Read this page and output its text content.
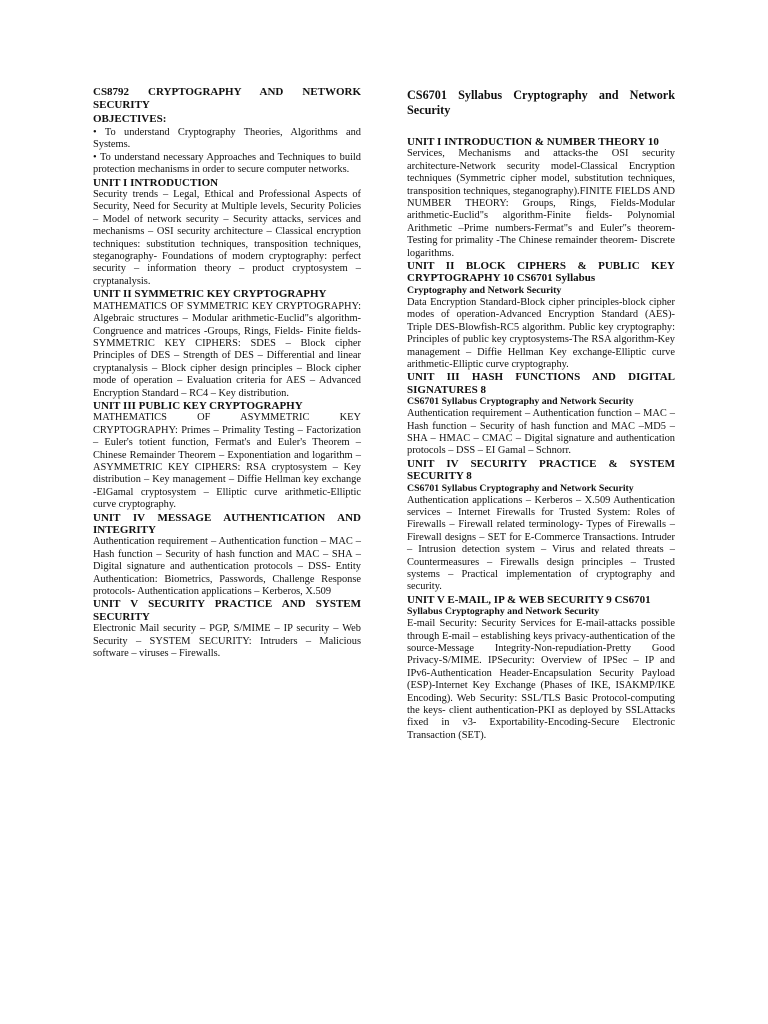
CS8792 CRYPTOGRAPHY AND NETWORK SECURITY
OBJECTIVES:

• To understand Cryptography Theories, Algorithms and Systems.

• To understand necessary Approaches and Techniques to build protection mechanisms in order to secure computer networks.

UNIT I INTRODUCTION

Security trends – Legal, Ethical and Professional Aspects of Security, Need for Security at Multiple levels, Security Policies – Model of network security – Security attacks, services and mechanisms – OSI security architecture – Classical encryption techniques: substitution techniques, transposition techniques, steganography- Foundations of modern cryptography: perfect security – information theory – product cryptosystem – cryptanalysis.

UNIT II SYMMETRIC KEY CRYPTOGRAPHY

MATHEMATICS OF SYMMETRIC KEY CRYPTOGRAPHY: Algebraic structures – Modular arithmetic-Euclid"s algorithm- Congruence and matrices -Groups, Rings, Fields- Finite fields- SYMMETRIC KEY CIPHERS: SDES – Block cipher Principles of DES – Strength of DES – Differential and linear cryptanalysis – Block cipher design principles – Block cipher mode of operation – Evaluation criteria for AES – Advanced Encryption Standard – RC4 – Key distribution.

UNIT III PUBLIC KEY CRYPTOGRAPHY

MATHEMATICS OF ASYMMETRIC KEY CRYPTOGRAPHY: Primes – Primality Testing – Factorization – Euler's totient function, Fermat's and Euler's Theorem – Chinese Remainder Theorem – Exponentiation and logarithm – ASYMMETRIC KEY CIPHERS: RSA cryptosystem – Key distribution – Key management – Diffie Hellman key exchange -ElGamal cryptosystem – Elliptic curve arithmetic-Elliptic curve cryptography.

UNIT IV MESSAGE AUTHENTICATION AND INTEGRITY

Authentication requirement – Authentication function – MAC – Hash function – Security of hash function and MAC – SHA –Digital signature and authentication protocols – DSS- Entity Authentication: Biometrics, Passwords, Challenge Response protocols- Authentication applications – Kerberos, X.509

UNIT V SECURITY PRACTICE AND SYSTEM SECURITY

Electronic Mail security – PGP, S/MIME – IP security – Web Security – SYSTEM SECURITY: Intruders – Malicious software – viruses – Firewalls.

CS6701 Syllabus Cryptography and Network Security
UNIT I INTRODUCTION & NUMBER THEORY 10

Services, Mechanisms and attacks-the OSI security architecture-Network security model-Classical Encryption techniques (Symmetric cipher model, substitution techniques, transposition techniques, steganography).FINITE FIELDS AND NUMBER THEORY: Groups, Rings, Fields-Modular arithmetic-Euclid"s algorithm-Finite fields- Polynomial Arithmetic –Prime numbers-Fermat"s and Euler"s theorem-Testing for primality -The Chinese remainder theorem- Discrete logarithms.

UNIT II BLOCK CIPHERS & PUBLIC KEY CRYPTOGRAPHY 10 CS6701 Syllabus
Cryptography and Network Security

Data Encryption Standard-Block cipher principles-block cipher modes of operation-Advanced Encryption Standard (AES)-Triple DES-Blowfish-RC5 algorithm. Public key cryptography: Principles of public key cryptosystems-The RSA algorithm-Key management – Diffie Hellman Key exchange-Elliptic curve arithmetic-Elliptic curve cryptography.

UNIT III HASH FUNCTIONS AND DIGITAL SIGNATURES 8
CS6701 Syllabus Cryptography and Network Security

Authentication requirement – Authentication function – MAC – Hash function – Security of hash function and MAC –MD5 – SHA – HMAC – CMAC – Digital signature and authentication protocols – DSS – EI Gamal – Schnorr.

UNIT IV SECURITY PRACTICE & SYSTEM SECURITY 8
CS6701 Syllabus Cryptography and Network Security

Authentication applications – Kerberos – X.509 Authentication services – Internet Firewalls for Trusted System: Roles of Firewalls – Firewall related terminology- Types of Firewalls – Firewall designs – SET for E-Commerce Transactions. Intruder – Intrusion detection system – Virus and related threats – Countermeasures – Firewalls design principles – Trusted systems – Practical implementation of cryptography and security.

UNIT V E-MAIL, IP & WEB SECURITY 9 CS6701
Syllabus Cryptography and Network Security

E-mail Security: Security Services for E-mail-attacks possible through E-mail – establishing keys privacy-authentication of the source-Message Integrity-Non-repudiation-Pretty Good Privacy-S/MIME. IPSecurity: Overview of IPSec – IP and IPv6-Authentication Header-Encapsulation Security Payload (ESP)-Internet Key Exchange (Phases of IKE, ISAKMP/IKE Encoding). Web Security: SSL/TLS Basic Protocol-computing the keys- client authentication-PKI as deployed by SSLAttacks fixed in v3- Exportability-Encoding-Secure Electronic Transaction (SET).
